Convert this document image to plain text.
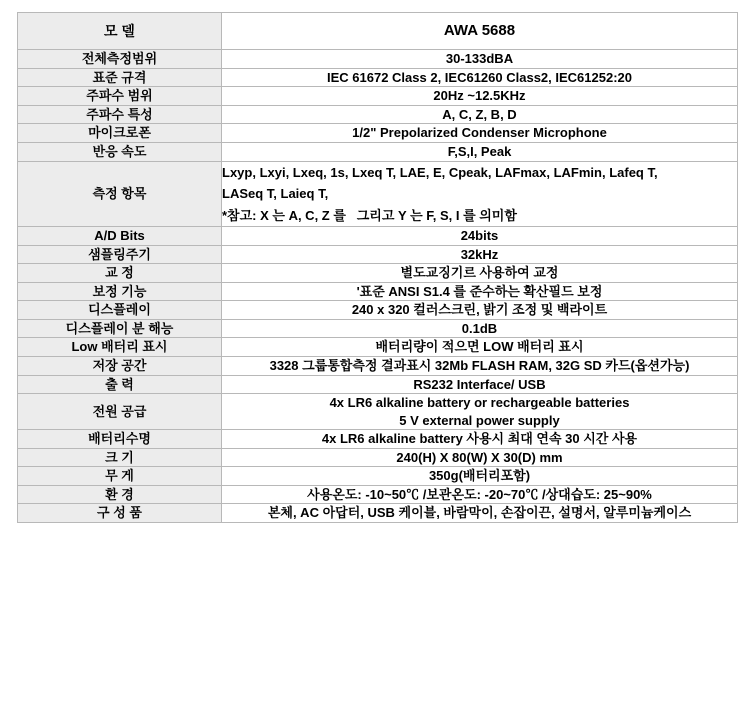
모 델	AWA 5688
전체측정범위	30-133dBA
표준 규격	IEC 61672 Class 2, IEC61260 Class2, IEC61252:20
주파수 범위	20Hz ~12.5KHz
주파수 특성	A, C, Z, B, D
마이크로폰	1/2" Prepolarized Condenser Microphone
반응 속도	F,S,I, Peak
측정 항목	Lxyp, Lxyi, Lxeq, 1s, Lxeq T, LAE, E, Cpeak, LAFmax, LAFmin, Lafeq T,
LASeq T, Laieq T,
*참고: X 는 A, C, Z 를   그리고 Y 는 F, S, I 를 의미함

A/D Bits	24bits
샘플링주기	32kHz
교 정	별도교징기르 사용하여 교정
보정 기능	'표준 ANSI S1.4 를 준수하는 확산필드 보정
디스플레이	240 x 320 컬러스크린, 밝기 조정 및 백라이트
디스플레이 분 해능	0.1dB
Low 배터리 표시	배터리량이 적으면 LOW 배터리 표시
저장 공간	3328 그룹통합측정 결과표시 32Mb FLASH RAM, 32G SD 카드(옵션가능)
출 력	RS232 Interface/ USB
전원 공급	4x LR6 alkaline battery or rechargeable batteries
5 V external power supply

배터리수명	4x LR6 alkaline battery 사용시 최대 연속 30 시간 사용
크 기	240(H) X 80(W) X 30(D) mm
무 게	350g(배터리포함)
환 경	사용온도: -10~50℃ /보관온도: -20~70℃ /상대습도: 25~90%
구 성 품	본체, AC 아답터, USB 케이블, 바람막이, 손잡이끈, 설명서, 알루미늄케이스
